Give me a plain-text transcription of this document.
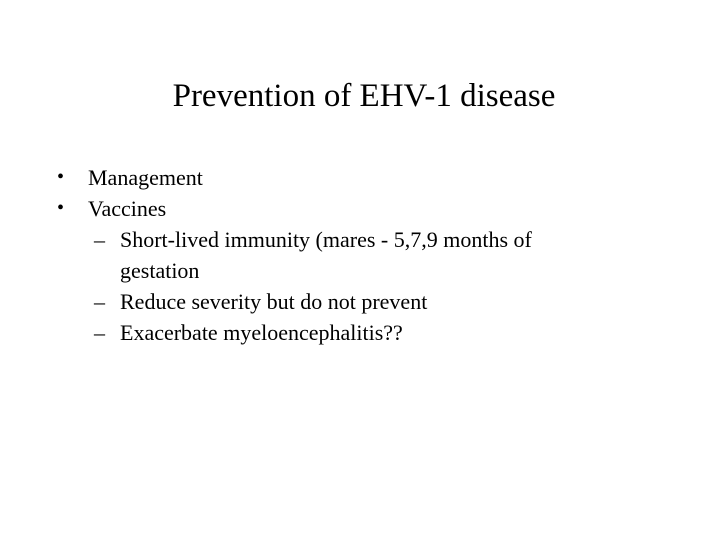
Prevention of EHV-1 disease
• Management
• Vaccines
– Short-lived immunity (mares - 5,7,9 months of
gestation
– Reduce severity but do not prevent
– Exacerbate myeloencephalitis??
